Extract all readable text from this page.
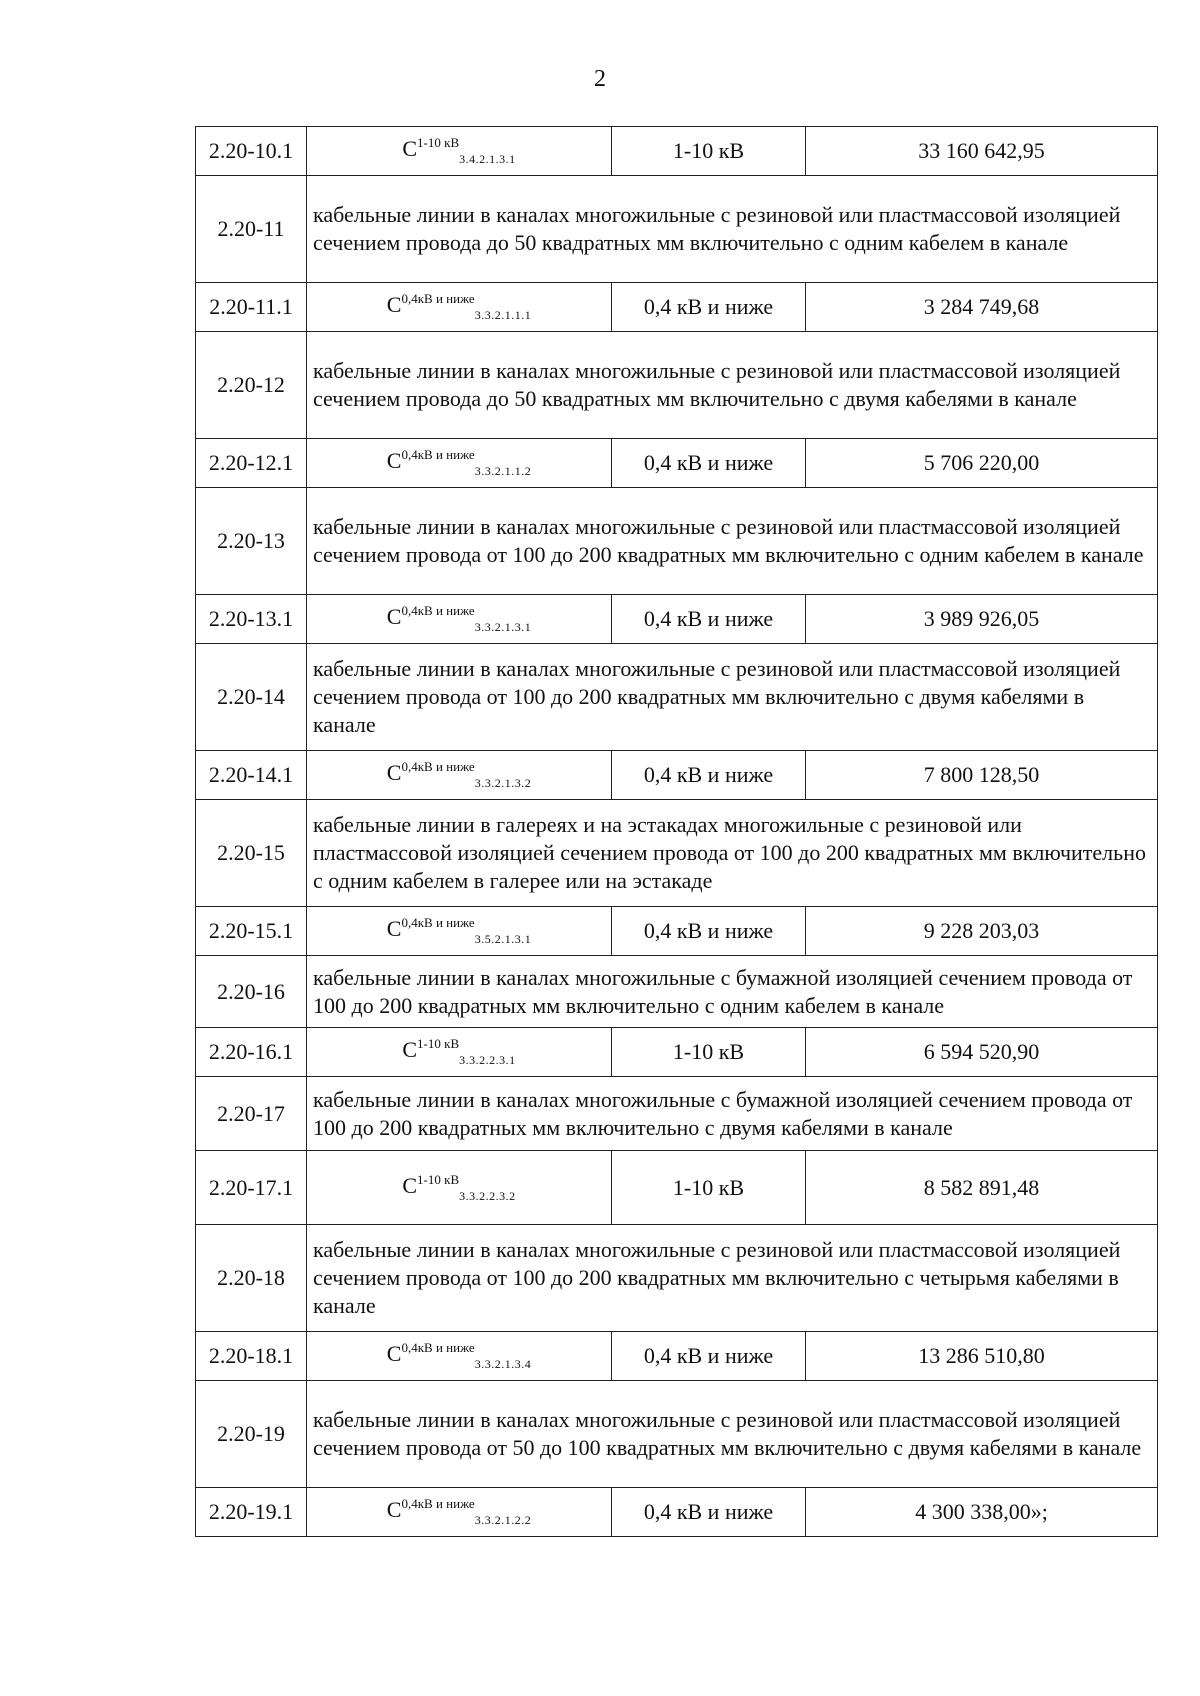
2
2.20-10.1	$С^{1-10 кВ}_{3.4.2.1.3.1}$	1-10 кВ	33 160 642,95
2.20-11	кабельные линии в каналах многожильные с резиновой или пластмассовой изоляцией сечением провода до 50 квадратных мм включительно с одним кабелем в канале		
2.20-11.1	$С^{0,4кВ и ниже}_{3.3.2.1.1.1}$	0,4 кВ и ниже	3 284 749,68
2.20-12	кабельные линии в каналах многожильные с резиновой или пластмассовой изоляцией сечением провода до 50 квадратных мм включительно с двумя кабелями в канале		
2.20-12.1	$С^{0,4кВ и ниже}_{3.3.2.1.1.2}$	0,4 кВ и ниже	5 706 220,00
2.20-13	кабельные линии в каналах многожильные с резиновой или пластмассовой изоляцией сечением провода от 100 до 200 квадратных мм включительно с одним кабелем в канале		
2.20-13.1	$С^{0,4кВ и ниже}_{3.3.2.1.3.1}$	0,4 кВ и ниже	3 989 926,05
2.20-14	кабельные линии в каналах многожильные с резиновой или пластмассовой изоляцией сечением провода от 100 до 200 квадратных мм включительно с двумя кабелями в канале		
2.20-14.1	$С^{0,4кВ и ниже}_{3.3.2.1.3.2}$	0,4 кВ и ниже	7 800 128,50
2.20-15	кабельные линии в галереях и на эстакадах многожильные с резиновой или пластмассовой изоляцией сечением провода от 100 до 200 квадратных мм включительно с одним кабелем в галерее или на эстакаде		
2.20-15.1	$С^{0,4кВ и ниже}_{3.5.2.1.3.1}$	0,4 кВ и ниже	9 228 203,03
2.20-16	кабельные линии в каналах многожильные с бумажной изоляцией сечением провода от 100 до 200 квадратных мм включительно с одним кабелем в канале		
2.20-16.1	$С^{1-10 кВ}_{3.3.2.2.3.1}$	1-10 кВ	6 594 520,90
2.20-17	кабельные линии в каналах многожильные с бумажной изоляцией сечением провода от 100 до 200 квадратных мм включительно с двумя кабелями в канале		
2.20-17.1	$С^{1-10 кВ}_{3.3.2.2.3.2}$	1-10 кВ	8 582 891,48
2.20-18	кабельные линии в каналах многожильные с резиновой или пластмассовой изоляцией сечением провода от 100 до 200 квадратных мм включительно с четырьмя кабелями в канале		
2.20-18.1	$С^{0,4кВ и ниже}_{3.3.2.1.3.4}$	0,4 кВ и ниже	13 286 510,80
2.20-19	кабельные линии в каналах многожильные с резиновой или пластмассовой изоляцией сечением провода от 50 до 100 квадратных мм включительно с двумя кабелями в канале		
2.20-19.1	$С^{0,4кВ и ниже}_{3.3.2.1.2.2}$	0,4 кВ и ниже	4 300 338,00»;
